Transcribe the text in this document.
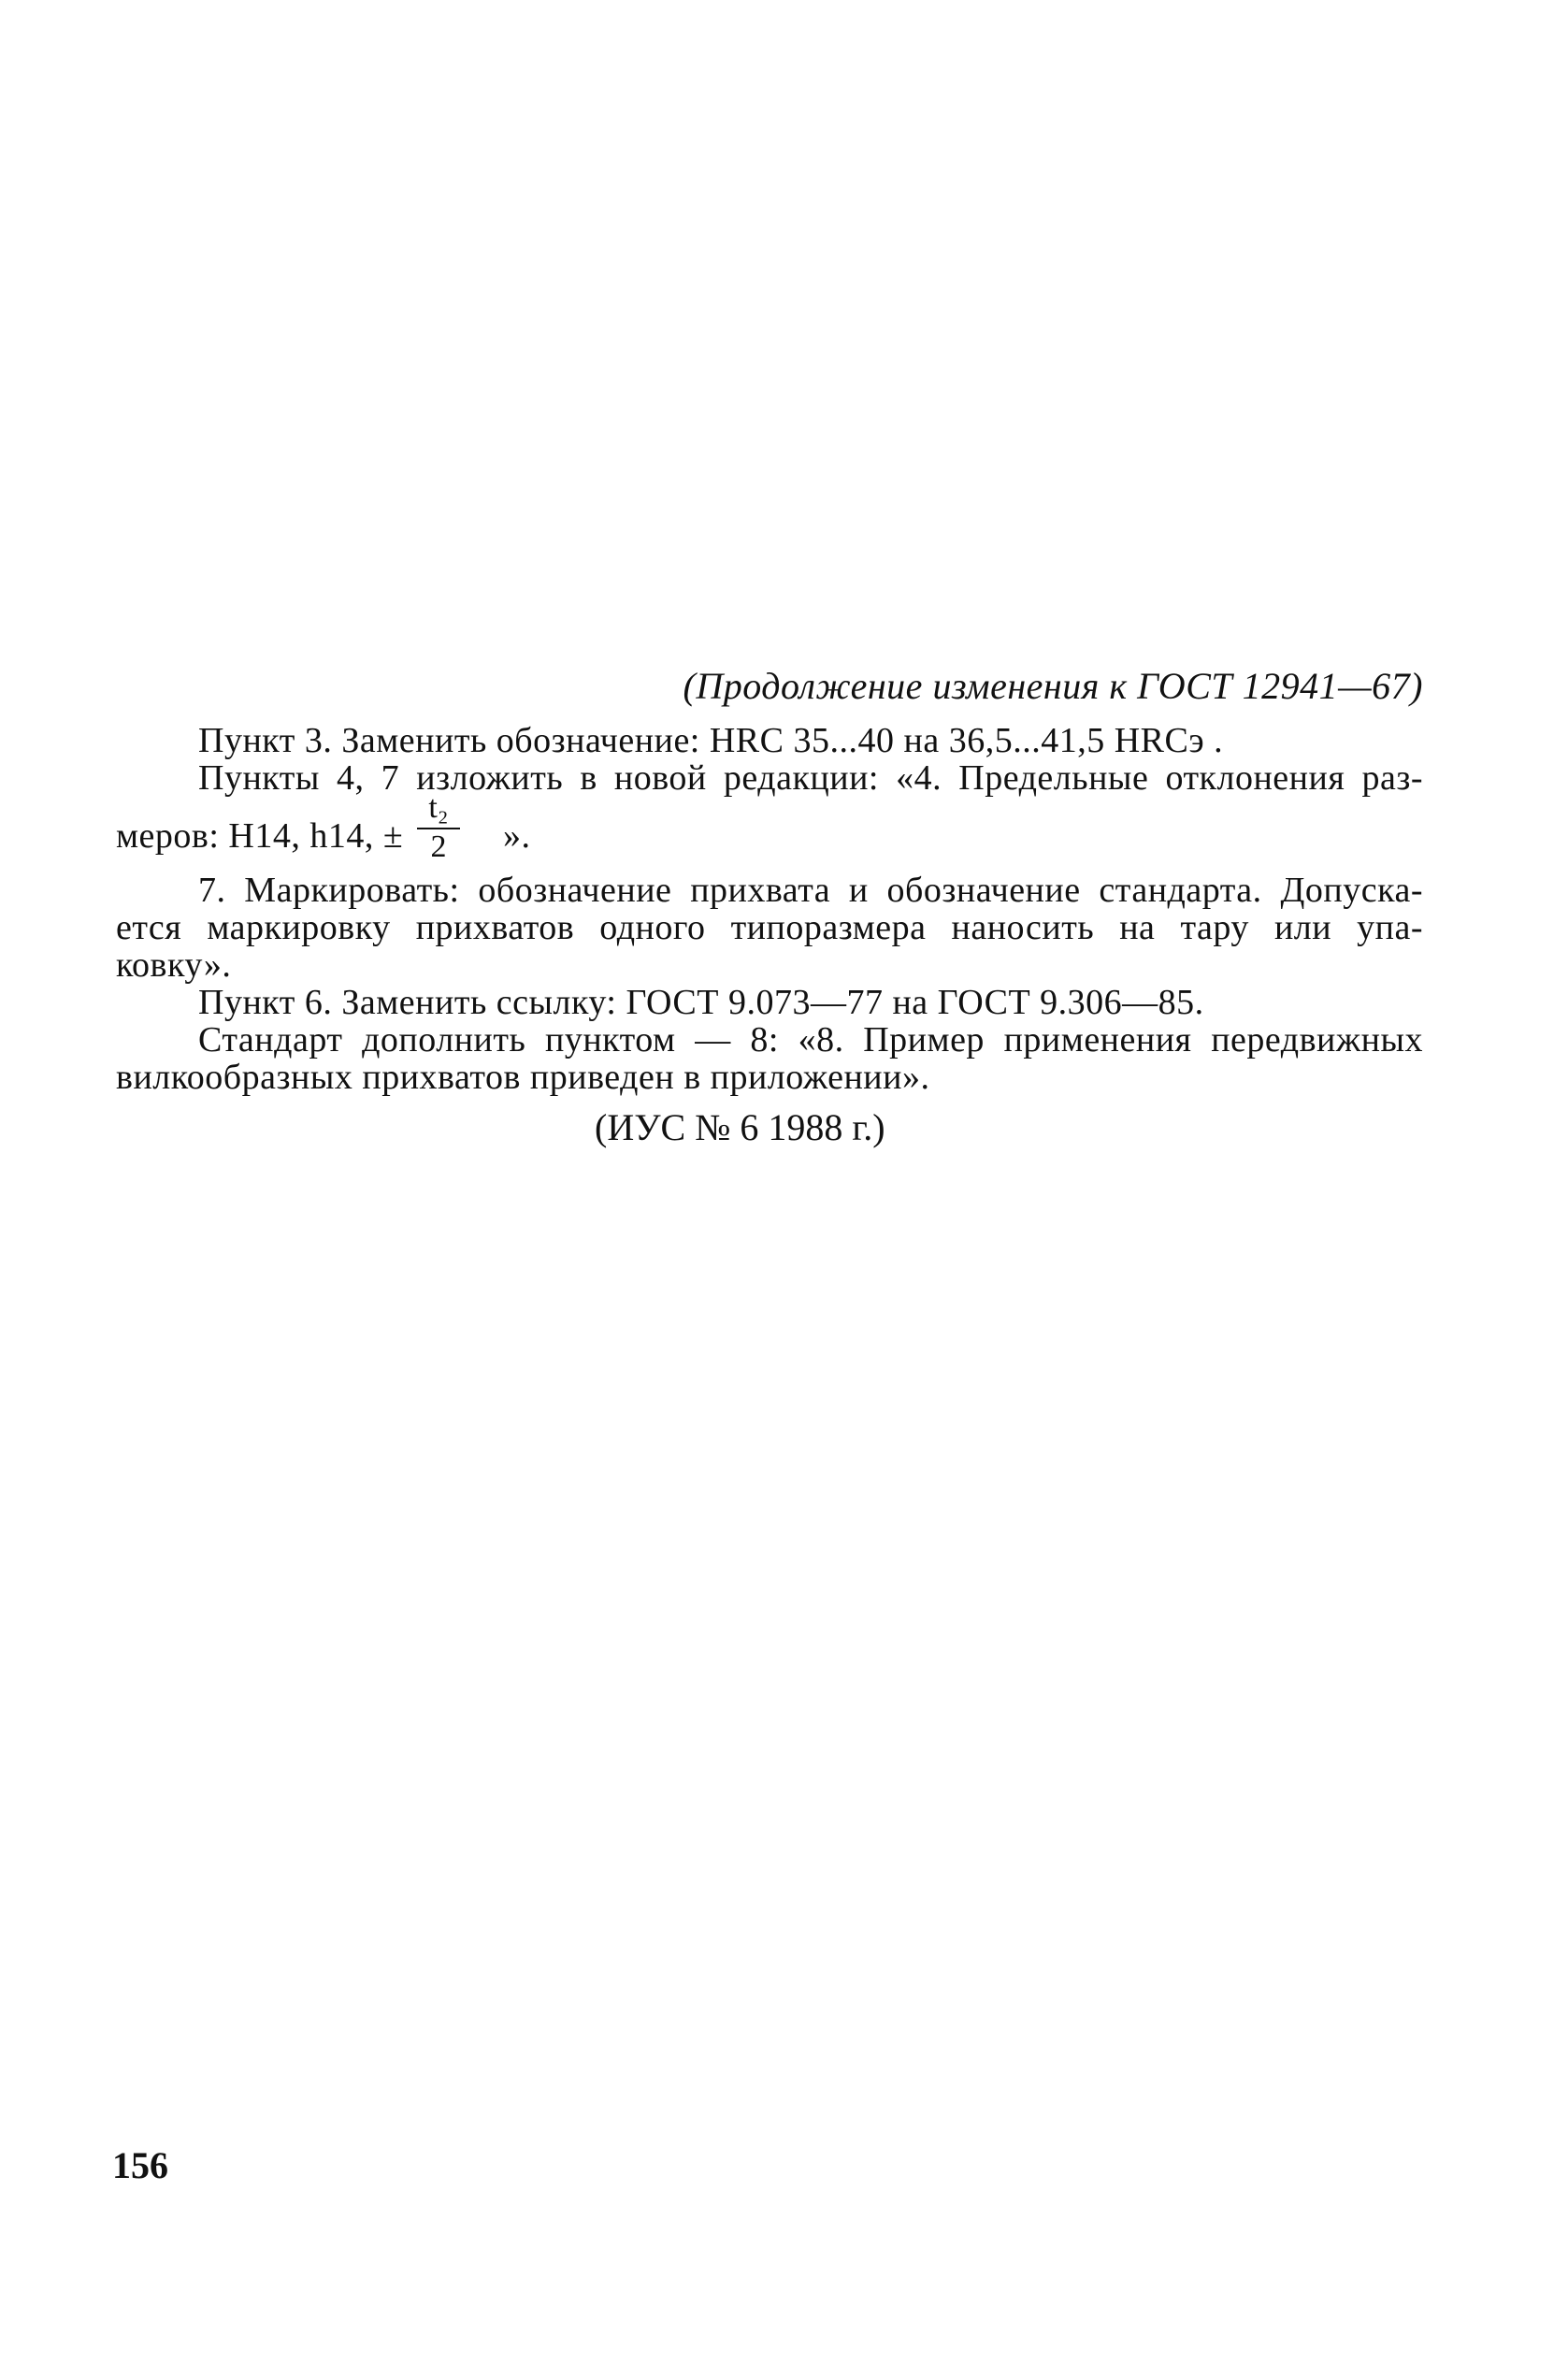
(Продолжение изменения к ГОСТ 12941—67)
Пункт 3. Заменить обозначение: HRC 35...40 на 36,5...41,5 HRCэ .
Пункты 4, 7 изложить в новой редакции: «4. Предельные отклонения раз-
меров: H14, h14, ±
t₂
2	».
7. Маркировать: обозначение прихвата и обозначение стандарта. Допуска-
ется маркировку прихватов одного типоразмера наносить на тару или упа-
ковку».
Пункт 6. Заменить ссылку: ГОСТ 9.073—77 на ГОСТ 9.306—85.
Стандарт дополнить пунктом — 8: «8. Пример применения передвижных
вилкообразных прихватов приведен в приложении».
(ИУС № 6 1988 г.)
156
